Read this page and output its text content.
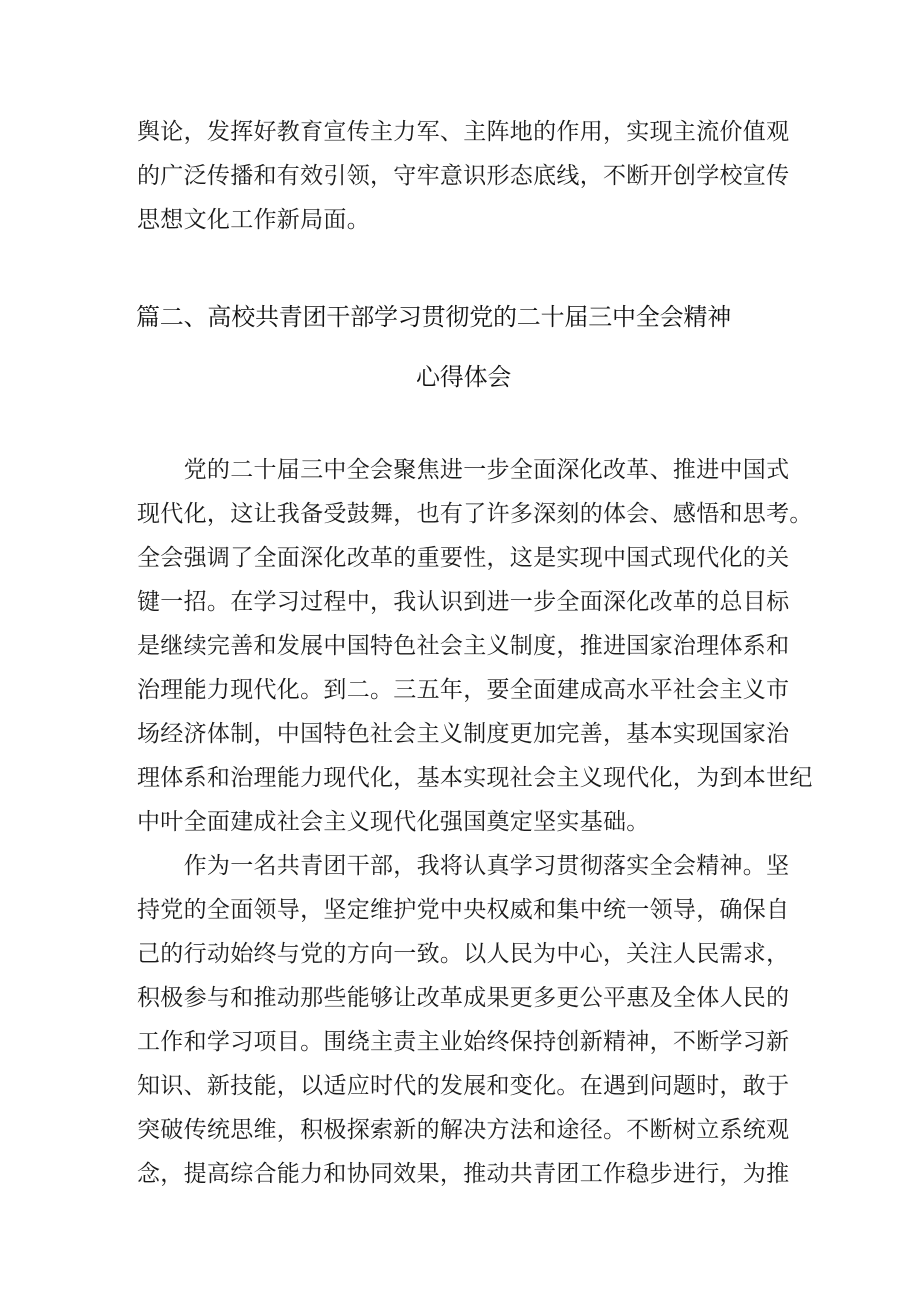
舆论，发挥好教育宣传主力军、主阵地的作用，实现主流价值观
的广泛传播和有效引领，守牢意识形态底线，不断开创学校宣传
思想文化工作新局面。
篇二、高校共青团干部学习贯彻党的二十届三中全会精神
心得体会
　　党的二十届三中全会聚焦进一步全面深化改革、推进中国式
现代化，这让我备受鼓舞，也有了许多深刻的体会、感悟和思考。
全会强调了全面深化改革的重要性，这是实现中国式现代化的关
键一招。在学习过程中，我认识到进一步全面深化改革的总目标
是继续完善和发展中国特色社会主义制度，推进国家治理体系和
治理能力现代化。到二。三五年，要全面建成高水平社会主义市
场经济体制，中国特色社会主义制度更加完善，基本实现国家治
理体系和治理能力现代化，基本实现社会主义现代化，为到本世纪
中叶全面建成社会主义现代化强国奠定坚实基础。
　　作为一名共青团干部，我将认真学习贯彻落实全会精神。坚
持党的全面领导，坚定维护党中央权威和集中统一领导，确保自
己的行动始终与党的方向一致。以人民为中心，关注人民需求，
积极参与和推动那些能够让改革成果更多更公平惠及全体人民的
工作和学习项目。围绕主责主业始终保持创新精神，不断学习新
知识、新技能，以适应时代的发展和变化。在遇到问题时，敢于
突破传统思维，积极探索新的解决方法和途径。不断树立系统观
念，提高综合能力和协同效果，推动共青团工作稳步进行，为推
